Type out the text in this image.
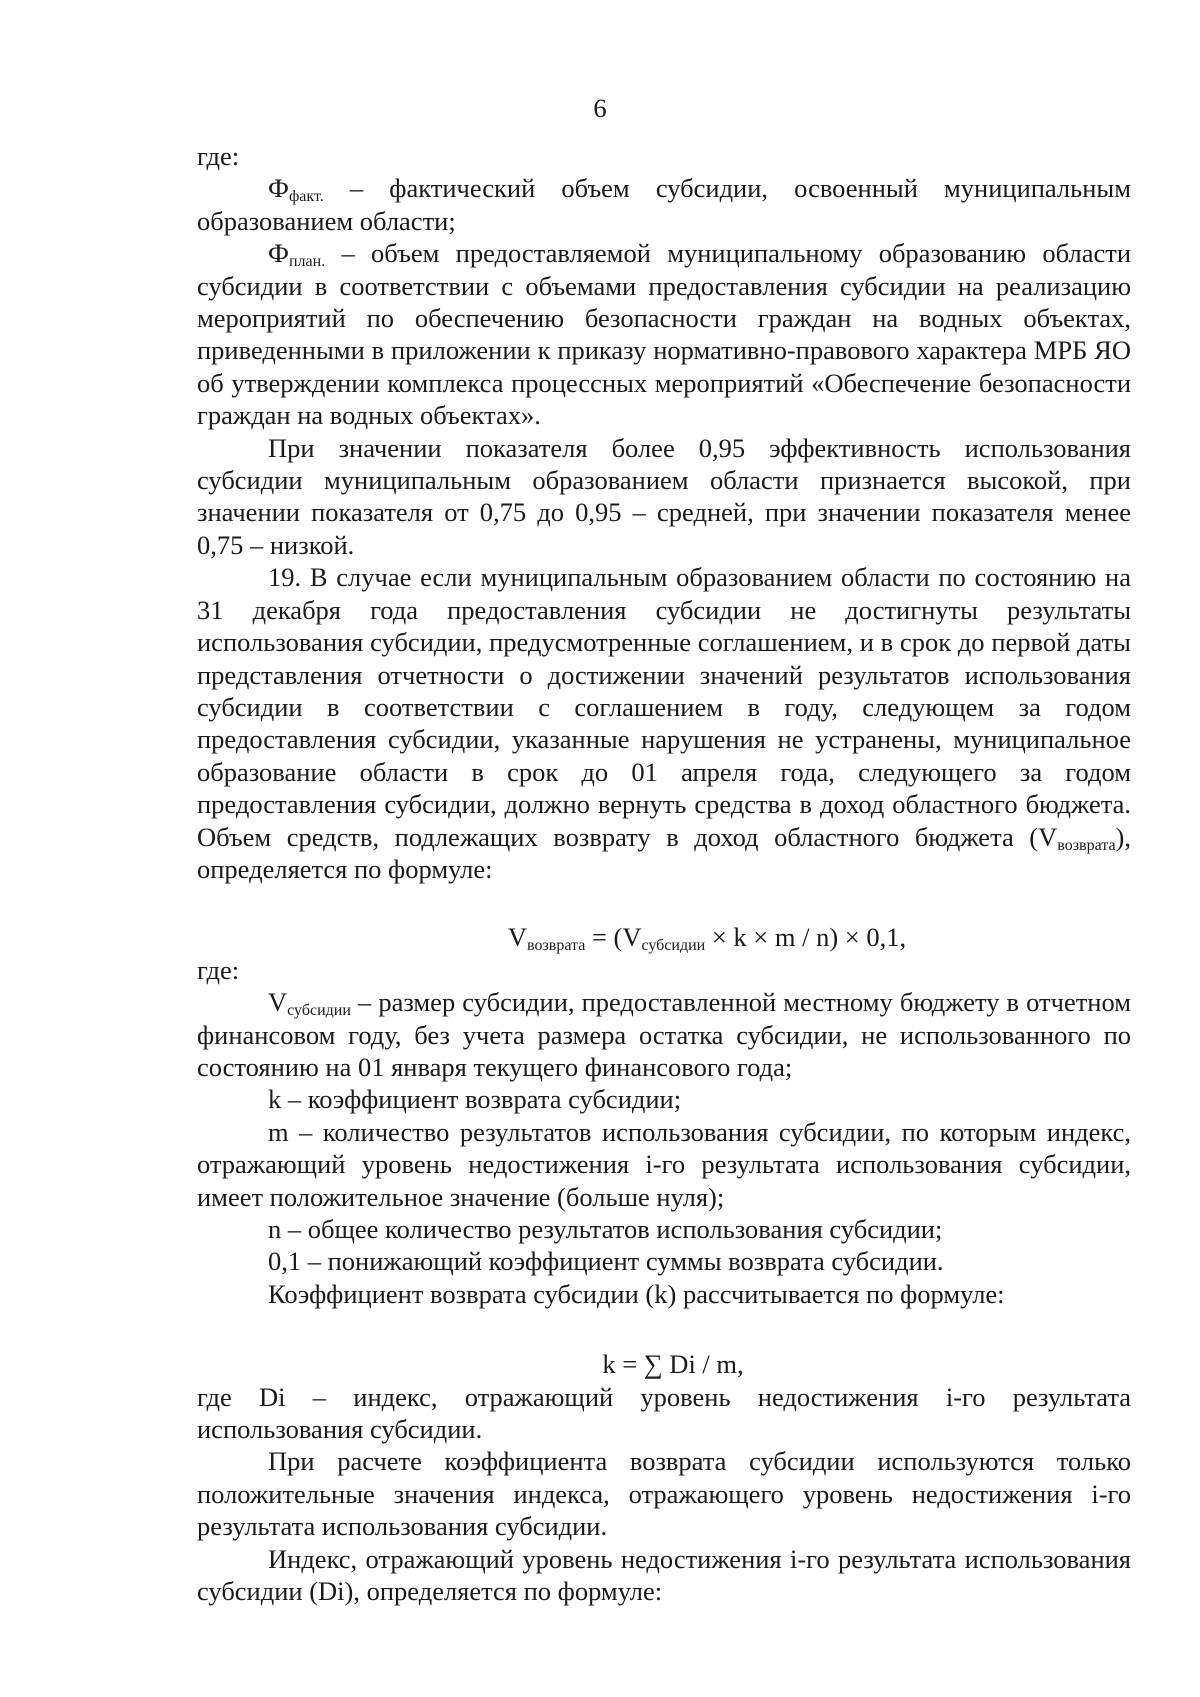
6

где:

$Ф_{факт.}$ – фактический объем субсидии, освоенный муниципальным образованием области;

$Ф_{план.}$ – объем предоставляемой муниципальному образованию области субсидии в соответствии с объемами предоставления субсидии на реализацию мероприятий по обеспечению безопасности граждан на водных объектах, приведенными в приложении к приказу нормативно-правового характера МРБ ЯО об утверждении комплекса процессных мероприятий «Обеспечение безопасности граждан на водных объектах».

При значении показателя более 0,95 эффективность использования субсидии муниципальным образованием области признается высокой, при значении показателя от 0,75 до 0,95 – средней, при значении показателя менее 0,75 – низкой.

19. В случае если муниципальным образованием области по состоянию на 31 декабря года предоставления субсидии не достигнуты результаты использования субсидии, предусмотренные соглашением, и в срок до первой даты представления отчетности о достижении значений результатов использования субсидии в соответствии с соглашением в году, следующем за годом предоставления субсидии, указанные нарушения не устранены, муниципальное образование области в срок до 01 апреля года, следующего за годом предоставления субсидии, должно вернуть средства в доход областного бюджета. Объем средств, подлежащих возврату в доход областного бюджета $(V_{возврата})$, определяется по формуле:

$V_{возврата} = (V_{субсидии} \times k \times m / n) \times 0,1$,

где:

$V_{субсидии}$ – размер субсидии, предоставленной местному бюджету в отчетном финансовом году, без учета размера остатка субсидии, не использованного по состоянию на 01 января текущего финансового года;

k – коэффициент возврата субсидии;

m – количество результатов использования субсидии, по которым индекс, отражающий уровень недостижения i-го результата использования субсидии, имеет положительное значение (больше нуля);

n – общее количество результатов использования субсидии;

0,1 – понижающий коэффициент суммы возврата субсидии.

Коэффициент возврата субсидии (k) рассчитывается по формуле:

k = ∑ Di / m,

где Di – индекс, отражающий уровень недостижения i-го результата использования субсидии.

При расчете коэффициента возврата субсидии используются только положительные значения индекса, отражающего уровень недостижения i-го результата использования субсидии.

Индекс, отражающий уровень недостижения i-го результата использования субсидии (Di), определяется по формуле:
